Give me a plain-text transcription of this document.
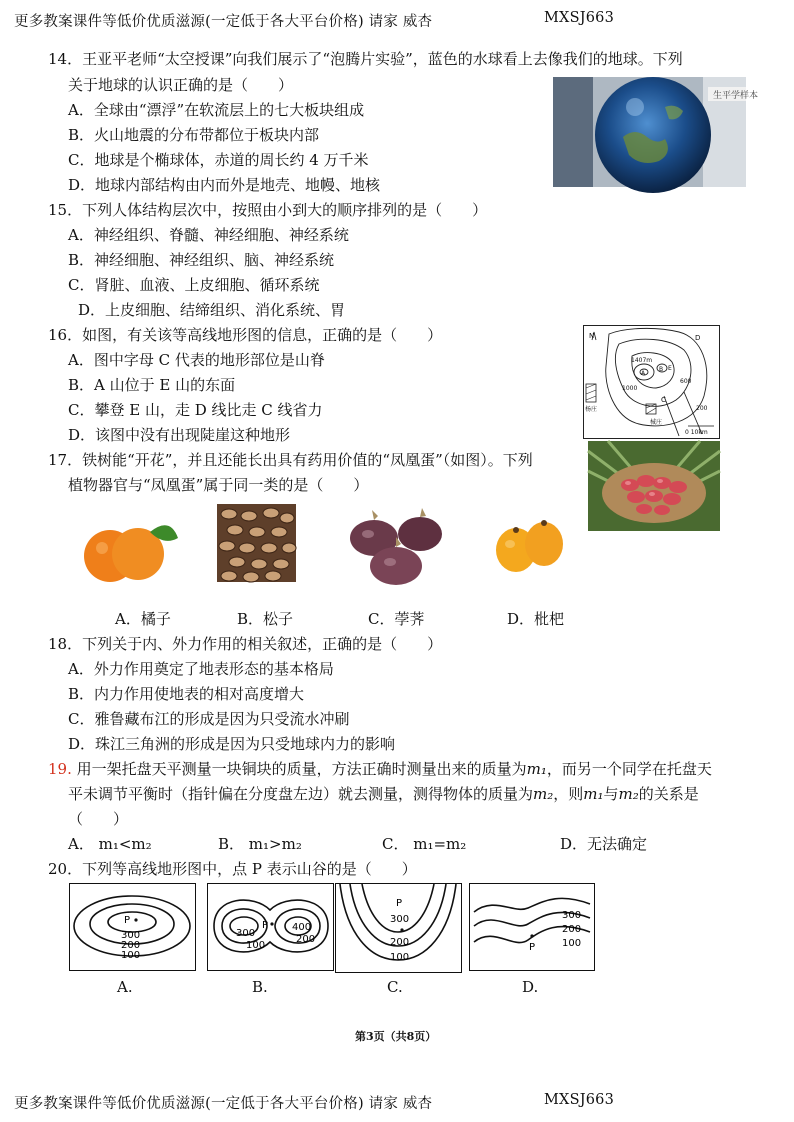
更多教案课件等低价优质滋源(一定低于各大平台价格) 请家 威杏	MXSJ663
14．王亚平老师“太空授课”向我们展示了“泡腾片实验”，蓝色的水球看上去像我们的地球。下列
关于地球的认识正确的是（　　）
A．全球由“漂浮”在软流层上的七大板块组成
B．火山地震的分布带都位于板块内部
C．地球是个椭球体，赤道的周长约 4 万千米
D．地球内部结构由内而外是地壳、地幔、地核
生平学样本
15．下列人体结构层次中，按照由小到大的顺序排列的是（　　）
A．神经组织、脊髓、神经细胞、神经系统
B．神经细胞、神经组织、脑、神经系统
C．肾脏、血液、上皮细胞、循环系统
D．上皮细胞、结缔组织、消化系统、胃
16．如图，有关该等高线地形图的信息，正确的是（　　）
A．图中字母 C 代表的地形部位是山脊
B．A 山位于 E 山的东面
C．攀登 E 山，走 D 线比走 C 线省力
D．该图中没有出现陡崖这种地形
N
1407m
1000
600
200
A
B
C
D
E
杨庄
械庄
0 10km
17．铁树能“开花”，并且还能长出具有药用价值的“凤凰蛋”（如图）。下列
植物器官与“凤凰蛋”属于同一类的是（　　）
A．橘子	B．松子	C．荸荠	D．枇杷
18．下列关于内、外力作用的相关叙述，正确的是（　　）
A．外力作用奠定了地表形态的基本格局
B．内力作用使地表的相对高度增大
C．雅鲁藏布江的形成是因为只受流水冲刷
D．珠江三角洲的形成是因为只受地球内力的影响
19. 用一架托盘天平测量一块铜块的质量，方法正确时测量出来的质量为m₁，而另一个同学在托盘天
平未调节平衡时（指针偏在分度盘左边）就去测量，测得物体的质量为m₂，则m₁与m₂的关系是
（　　）
A． m₁<m₂	B． m₁>m₂	C． m₁=m₂	D．无法确定
20．下列等高线地形图中，点 P 表示山谷的是（　　）
P
300
200
100
P
300
100
400
200
P
300
200
100
P
300
200
100
A.	B.	C.	D.
第3页（共8页）
更多教案课件等低价优质滋源(一定低于各大平台价格) 请家 威杏	MXSJ663
